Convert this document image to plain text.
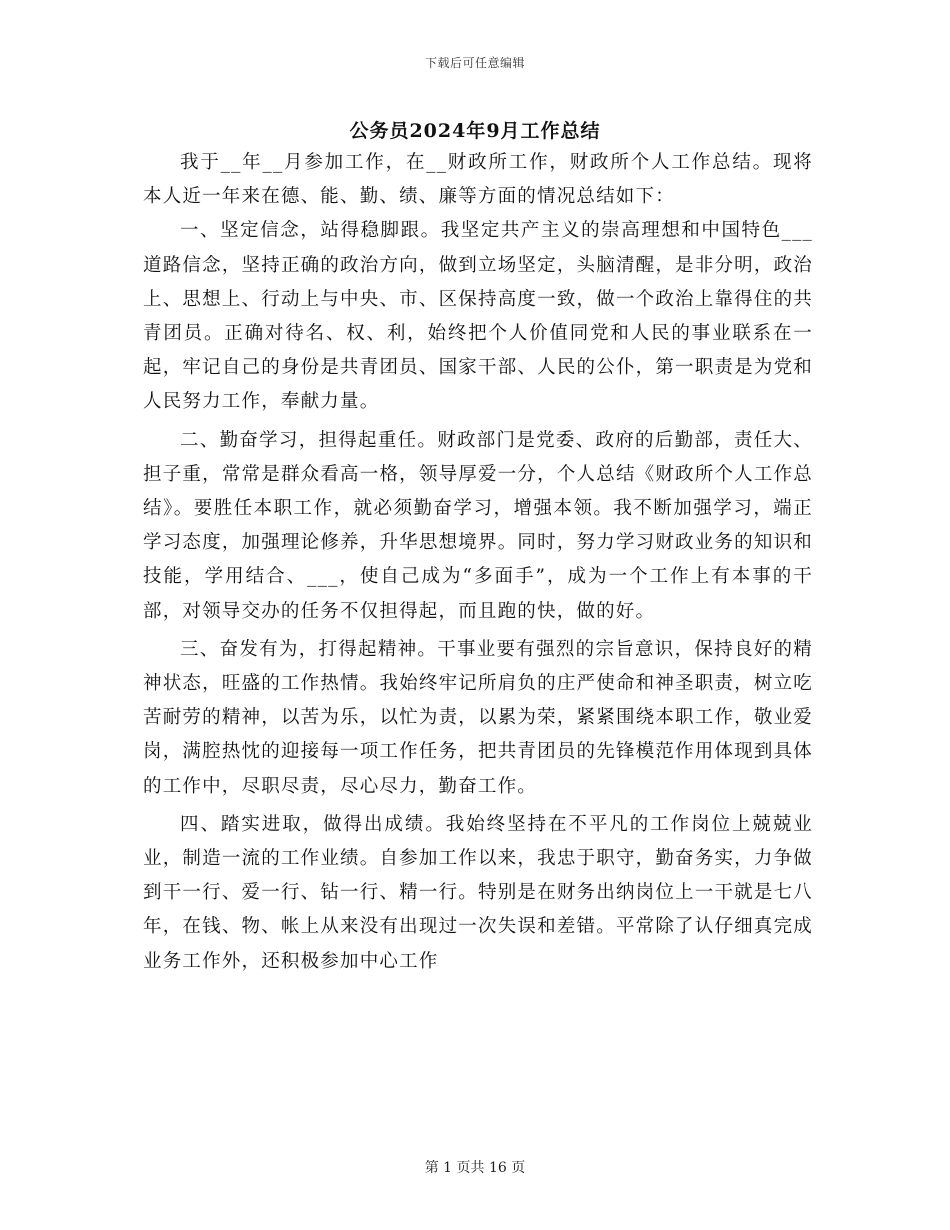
下载后可任意编辑
公务员2024年9月工作总结

我于__年__月参加工作，在__财政所工作，财政所个人工作总结。现将本人近一年来在德、能、勤、绩、廉等方面的情况总结如下：

一、坚定信念，站得稳脚跟。我坚定共产主义的崇高理想和中国特色___道路信念，坚持正确的政治方向，做到立场坚定，头脑清醒，是非分明，政治上、思想上、行动上与中央、市、区保持高度一致，做一个政治上靠得住的共青团员。正确对待名、权、利，始终把个人价值同党和人民的事业联系在一起，牢记自己的身份是共青团员、国家干部、人民的公仆，第一职责是为党和人民努力工作，奉献力量。

二、勤奋学习，担得起重任。财政部门是党委、政府的后勤部，责任大、担子重，常常是群众看高一格，领导厚爱一分，个人总结《财政所个人工作总结》。要胜任本职工作，就必须勤奋学习，增强本领。我不断加强学习，端正学习态度，加强理论修养，升华思想境界。同时，努力学习财政业务的知识和技能，学用结合、___，使自己成为“多面手”，成为一个工作上有本事的干部，对领导交办的任务不仅担得起，而且跑的快，做的好。

三、奋发有为，打得起精神。干事业要有强烈的宗旨意识，保持良好的精神状态，旺盛的工作热情。我始终牢记所肩负的庄严使命和神圣职责，树立吃苦耐劳的精神，以苦为乐，以忙为责，以累为荣，紧紧围绕本职工作，敬业爱岗，满腔热忱的迎接每一项工作任务，把共青团员的先锋模范作用体现到具体的工作中，尽职尽责，尽心尽力，勤奋工作。

四、踏实进取，做得出成绩。我始终坚持在不平凡的工作岗位上兢兢业业，制造一流的工作业绩。自参加工作以来，我忠于职守，勤奋务实，力争做到干一行、爱一行、钻一行、精一行。特别是在财务出纳岗位上一干就是七八年，在钱、物、帐上从来没有出现过一次失误和差错。平常除了认仔细真完成业务工作外，还积极参加中心工作

第 1 页共 16 页
